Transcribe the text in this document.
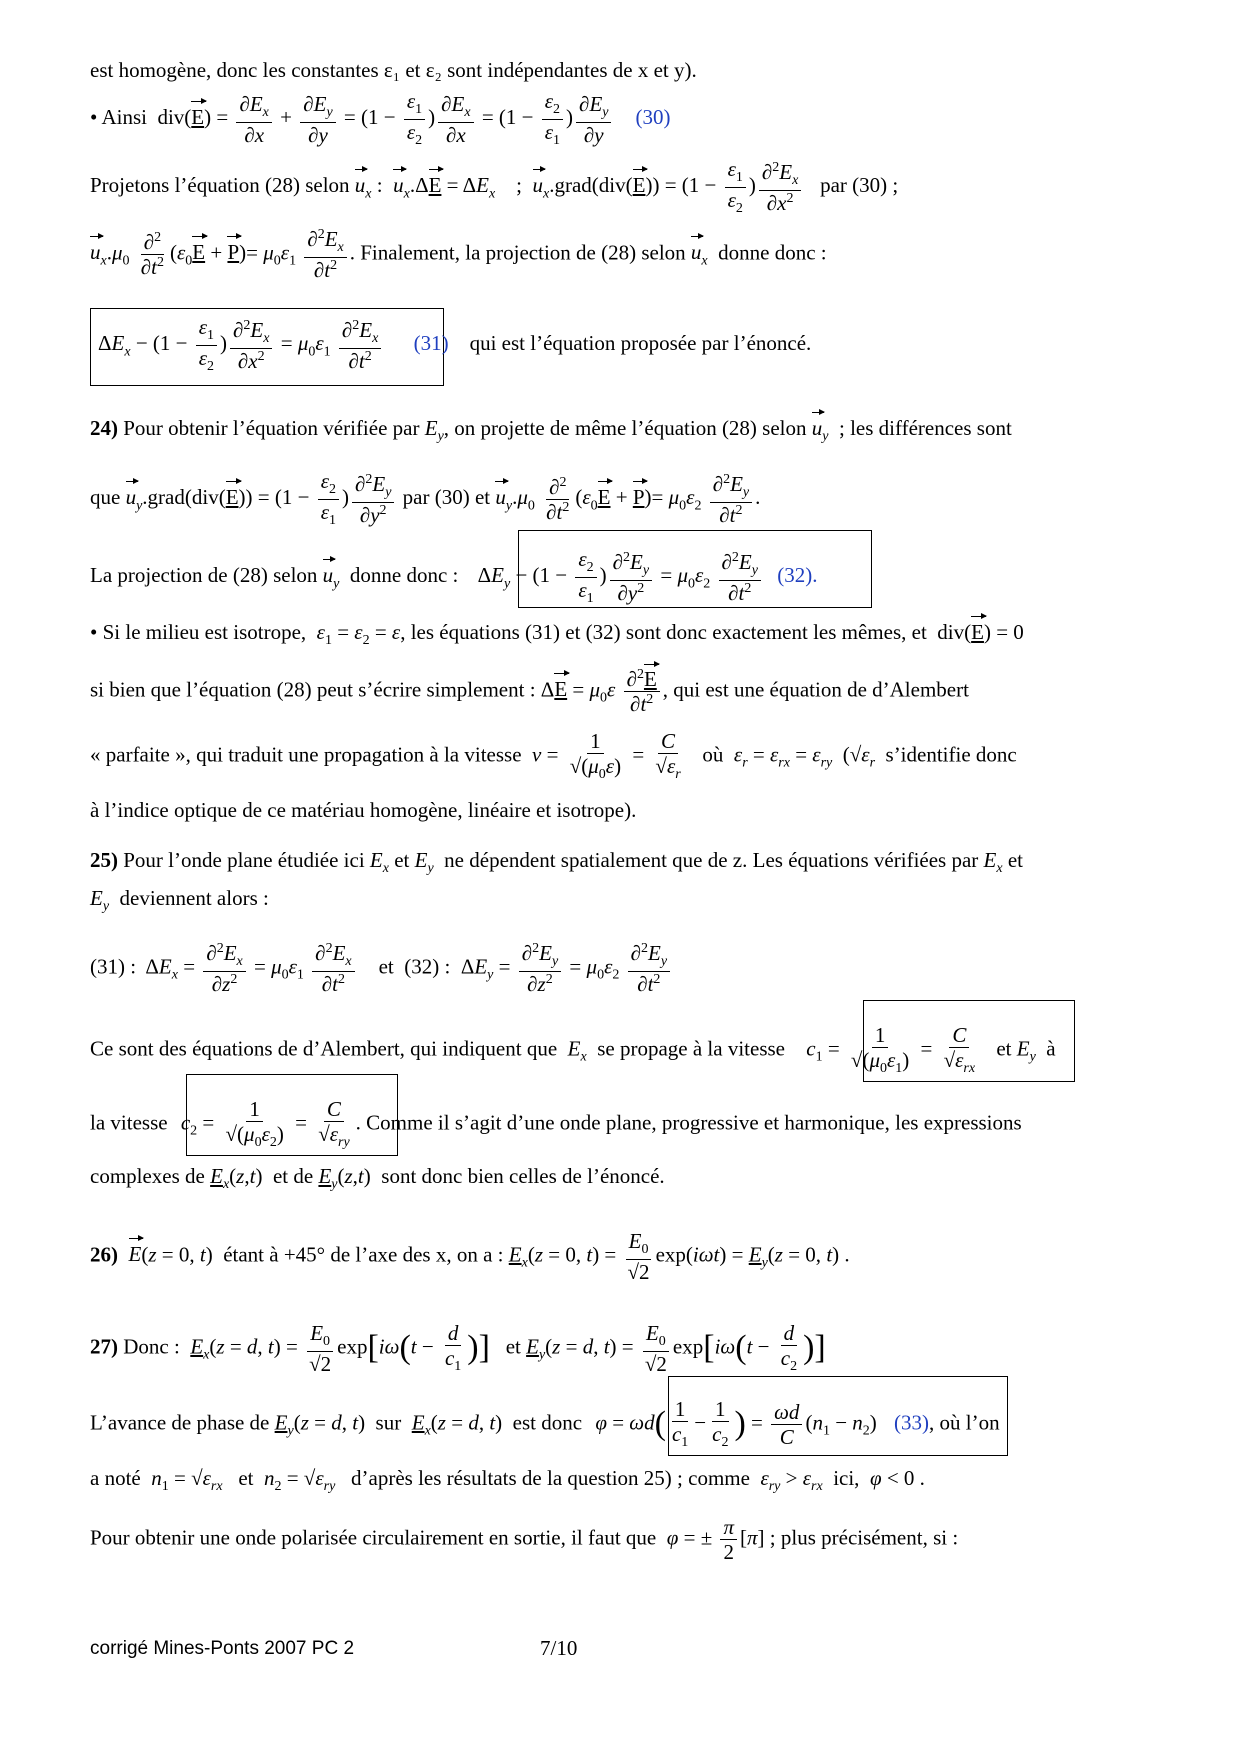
est homogène, donc les constantes ε₁ et ε₂ sont indépendantes de x et y).
• Ainsi  $div(E) = \frac{\partial E_x}{\partial x} + \frac{\partial E_y}{\partial y} = (1 - \frac{\varepsilon_1}{\varepsilon_2}$ ) $\frac{\partial E_x}{\partial x} = (1 - \frac{\varepsilon_2}{\varepsilon_1}$ ) $\frac{\partial E_y}{\partial y} (30)$
Projetons l’équation (28) selon $u_x$ :  $u_x.\Delta E = \Delta E_x$    ;  $u_x.grad(div(E)) = (1 - \frac{\varepsilon_1}{\varepsilon_2}$ ) $\frac{\partial^2E_x}{\partial x^2}$ par (30) ;
$u_x.\mu_0 \frac{\partial^2}{\partial t^2} (\varepsilon_0E + P)= \mu_0\varepsilon_1 \frac{\partial^2E_x}{\partial t^2}$ . Finalement, la projection de (28) selon $u_x$ donne donc :
$\Delta E_x - (1 - \frac{\varepsilon_1}{\varepsilon_2}$ ) $\frac{\partial^2E_x}{\partial x^2} = \mu_0\varepsilon_1 \frac{\partial^2E_x}{\partial t^2} (31)$ qui est l’équation proposée par l’énoncé.
24) Pour obtenir l’équation vérifiée par $E_y$, on projette de même l’équation (28) selon $u_y$ ; les différences sont
que $u_y.grad(div(E)) = (1 - \frac{\varepsilon_2}{\varepsilon_1}$ ) $\frac{\partial^2E_y}{\partial y^2}$ par (30) et $u_y.\mu_0 \frac{\partial^2}{\partial t^2} (\varepsilon_0E + P)= \mu_0\varepsilon_2 \frac{\partial^2E_y}{\partial t^2}$ .
La projection de (28) selon $u_y$ donne donc : $\Delta E_y - (1 - \frac{\varepsilon_2}{\varepsilon_1}$ ) $\frac{\partial^2E_y}{\partial y^2} = \mu_0\varepsilon_2 \frac{\partial^2E_y}{\partial t^2} (32)$.
• Si le milieu est isotrope, $\varepsilon_1 = \varepsilon_2 = \varepsilon$, les équations (31) et (32) sont donc exactement les mêmes, et  div(E) = 0
si bien que l’équation (28) peut s’écrire simplement : $\Delta E = \mu_0\varepsilon \frac{\partial^2E}{\partial t^2}$ , qui est une équation de d’Alembert
« parfaite », qui traduit une propagation à la vitesse $v = \frac{1}{√(\mu_0\varepsilon)} = \frac{C}{√\varepsilon_r}$ où $\varepsilon_r = \varepsilon_{rx} = \varepsilon_{ry}$  ($√\varepsilon_r$ s’identifie donc
à l’indice optique de ce matériau homogène, linéaire et isotrope).
25) Pour l’onde plane étudiée ici $E_x$ et $E_y$ ne dépendent spatialement que de z. Les équations vérifiées par $E_x$ et
$E_y$ deviennent alors :
(31) :  $\Delta E_x = \frac{\partial^2E_x}{\partial z^2} = \mu_0\varepsilon_1 \frac{\partial^2E_x}{\partial t^2}$ et  (32) :  $\Delta E_y = \frac{\partial^2E_y}{\partial z^2} = \mu_0\varepsilon_2 \frac{\partial^2E_y}{\partial t^2}$
Ce sont des équations de d’Alembert, qui indiquent que $E_x$ se propage à la vitesse $c_1 = \frac{1}{√(\mu_0\varepsilon_1)} = \frac{C}{√\varepsilon_{rx}}$ et $E_y$ à
la vitesse $c_2 = \frac{1}{√(\mu_0\varepsilon_2)} = \frac{C}{√\varepsilon_{ry}}$ . Comme il s’agit d’une onde plane, progressive et harmonique, les expressions
complexes de $E_x(z,t)$  et de $E_y(z,t)$  sont donc bien celles de l’énoncé.
26) E(z = 0, t)  étant à +45° de l’axe des x, on a : $E_x(z = 0$, $t) = \frac{E_0}{√2} \exp(i\omega t) = E_y(z = 0$, t) .
27) Donc : $E_x(z = d$, $t) = \frac{E_0}{√2} \exp[i\omega(t - \frac{d}{c_1}$ )] et $E_y(z = d$, $t) = \frac{E_0}{√2} \exp[i\omega(t - \frac{d}{c_2}$ )]
L’avance de phase de $E_y(z = d$, t)  sur  $E_x(z = d$, t)  est donc $\varphi = \omega d( \frac{1}{c_1} - \frac{1}{c_2}$ ) = $\frac{\omega d}{C} (n_1 - n_2)$ (33), où l’on
a noté $n_1 = √\varepsilon_{rx}$ et $n_2 = √\varepsilon_{ry}$ d’après les résultats de la question 25) ; comme $\varepsilon_{ry} > \varepsilon_{rx}$ ici, φ < 0 .
Pour obtenir une onde polarisée circulairement en sortie, il faut que φ = ± $\frac{\pi}{2} [\pi]$ ; plus précisément, si :
corrigé Mines-Ponts 2007 PC 2	7/10
